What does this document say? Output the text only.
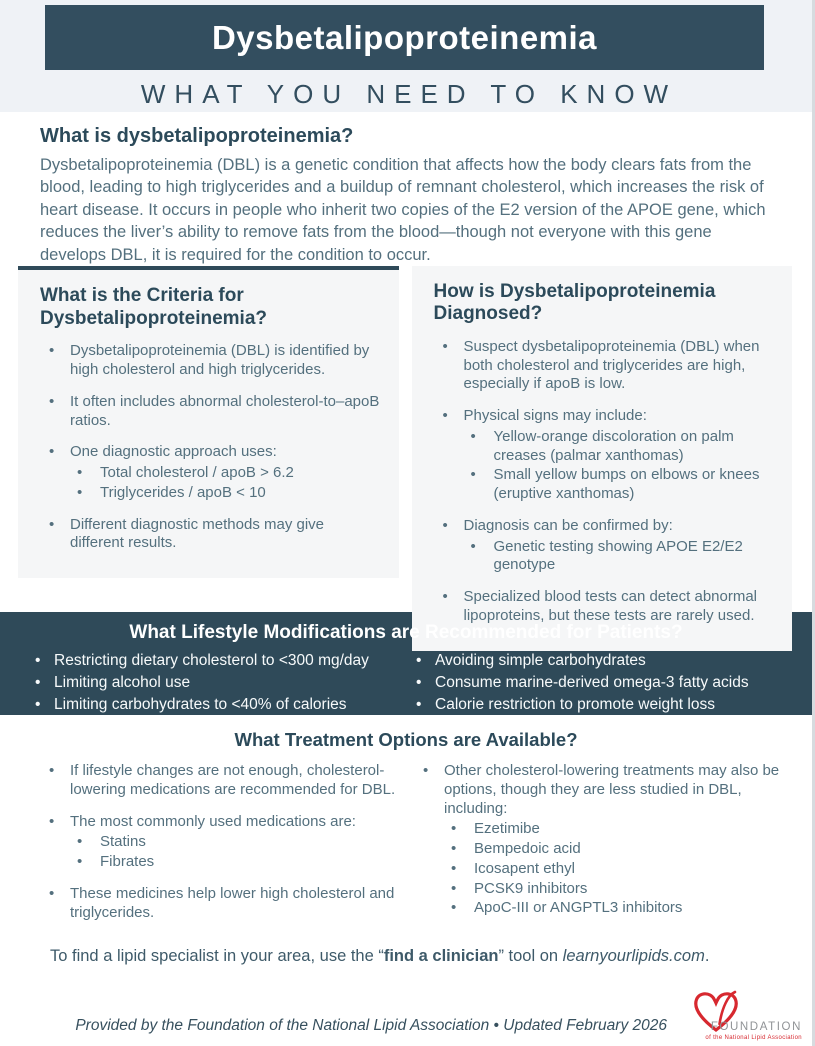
Dysbetalipoproteinemia
WHAT YOU NEED TO KNOW
What is dysbetalipoproteinemia?

Dysbetalipoproteinemia (DBL) is a genetic condition that affects how the body clears fats from the blood, leading to high triglycerides and a buildup of remnant cholesterol, which increases the risk of heart disease. It occurs in people who inherit two copies of the E2 version of the APOE gene, which reduces the liver’s ability to remove fats from the blood—though not everyone with this gene develops DBL, it is required for the condition to occur.

What is the Criteria for Dysbetalipoproteinemia?
• Dysbetalipoproteinemia (DBL) is identified by high cholesterol and high triglycerides.
• It often includes abnormal cholesterol-to–apoB ratios.
• One diagnostic approach uses:
• Total cholesterol / apoB > 6.2
• Triglycerides / apoB < 10
• Different diagnostic methods may give different results.
How is Dysbetalipoproteinemia Diagnosed?
• Suspect dysbetalipoproteinemia (DBL) when both cholesterol and triglycerides are high, especially if apoB is low.
• Physical signs may include:
• Yellow-orange discoloration on palm creases (palmar xanthomas)
• Small yellow bumps on elbows or knees (eruptive xanthomas)
• Diagnosis can be confirmed by:
• Genetic testing showing APOE E2/E2 genotype
• Specialized blood tests can detect abnormal lipoproteins, but these tests are rarely used.
What Lifestyle Modifications are Recommended for Patients?
• Restricting dietary cholesterol to <300 mg/day
• Limiting alcohol use
• Limiting carbohydrates to <40% of calories
• Avoiding simple carbohydrates
• Consume marine-derived omega-3 fatty acids
• Calorie restriction to promote weight loss
What Treatment Options are Available?
• If lifestyle changes are not enough, cholesterol-lowering medications are recommended for DBL.
• The most commonly used medications are:
• Statins
• Fibrates
• These medicines help lower high cholesterol and triglycerides.
• Other cholesterol-lowering treatments may also be options, though they are less studied in DBL, including:
• Ezetimibe
• Bempedoic acid
• Icosapent ethyl
• PCSK9 inhibitors
• ApoC-III or ANGPTL3 inhibitors

To find a lipid specialist in your area, use the “find a clinician” tool on learnyourlipids.com.

Provided by the Foundation of the National Lipid Association • Updated February 2026	FOUNDATION
of the National Lipid Association
